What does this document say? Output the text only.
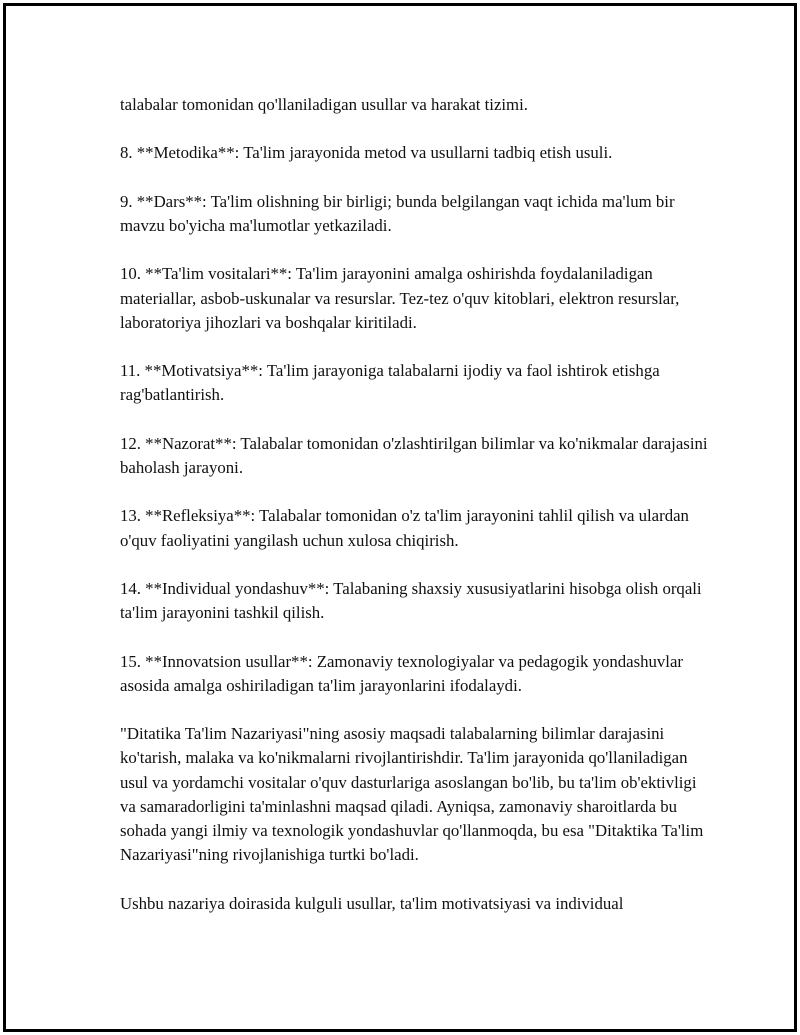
talabalar tomonidan qo'llaniladigan usullar va harakat tizimi.

8. **Metodika**: Ta'lim jarayonida metod va usullarni tadbiq etish usuli.

9. **Dars**: Ta'lim olishning bir birligi; bunda belgilangan vaqt ichida ma'lum bir mavzu bo'yicha ma'lumotlar yetkaziladi.

10. **Ta'lim vositalari**: Ta'lim jarayonini amalga oshirishda foydalaniladigan materiallar, asbob-uskunalar va resurslar. Tez-tez o'quv kitoblari, elektron resurslar, laboratoriya jihozlari va boshqalar kiritiladi.

11. **Motivatsiya**: Ta'lim jarayoniga talabalarni ijodiy va faol ishtirok etishga rag'batlantirish.

12. **Nazorat**: Talabalar tomonidan o'zlashtirilgan bilimlar va ko'nikmalar darajasini baholash jarayoni.

13. **Refleksiya**: Talabalar tomonidan o'z ta'lim jarayonini tahlil qilish va ulardan o'quv faoliyatini yangilash uchun xulosa chiqirish.

14. **Individual yondashuv**: Talabaning shaxsiy xususiyatlarini hisobga olish orqali ta'lim jarayonini tashkil qilish.

15. **Innovatsion usullar**: Zamonaviy texnologiyalar va pedagogik yondashuvlar asosida amalga oshiriladigan ta'lim jarayonlarini ifodalaydi.

"Ditatika Ta'lim Nazariyasi"ning asosiy maqsadi talabalarning bilimlar darajasini ko'tarish, malaka va ko'nikmalarni rivojlantirishdir. Ta'lim jarayonida qo'llaniladigan usul va yordamchi vositalar o'quv dasturlariga asoslangan bo'lib, bu ta'lim ob'ektivligi va samaradorligini ta'minlashni maqsad qiladi. Ayniqsa, zamonaviy sharoitlarda bu sohada yangi ilmiy va texnologik yondashuvlar qo'llanmoqda, bu esa "Ditaktika Ta'lim Nazariyasi"ning rivojlanishiga turtki bo'ladi.

Ushbu nazariya doirasida kulguli usullar, ta'lim motivatsiyasi va individual
